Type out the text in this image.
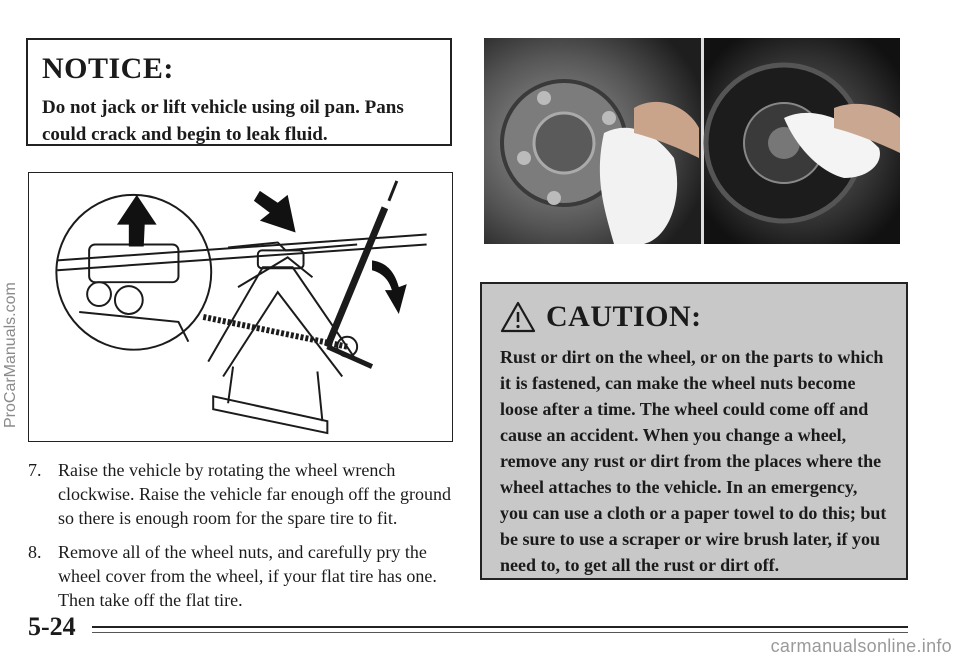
NOTICE:

Do not jack or lift vehicle using oil pan. Pans could crack and begin to leak fluid.

7. Raise the vehicle by rotating the wheel wrench clockwise. Raise the vehicle far enough off the ground so there is enough room for the spare tire to fit.
8. Remove all of the wheel nuts, and carefully pry the wheel cover from the wheel, if your flat tire has one. Then take off the flat tire.
CAUTION:

Rust or dirt on the wheel, or on the parts to which it is fastened, can make the wheel nuts become loose after a time. The wheel could come off and cause an accident. When you change a wheel, remove any rust or dirt from the places where the wheel attaches to the vehicle. In an emergency, you can use a cloth or a paper towel to do this; but be sure to use a scraper or wire brush later, if you need to, to get all the rust or dirt off.

5-24
ProCarManuals.com
carmanualsonline.info
